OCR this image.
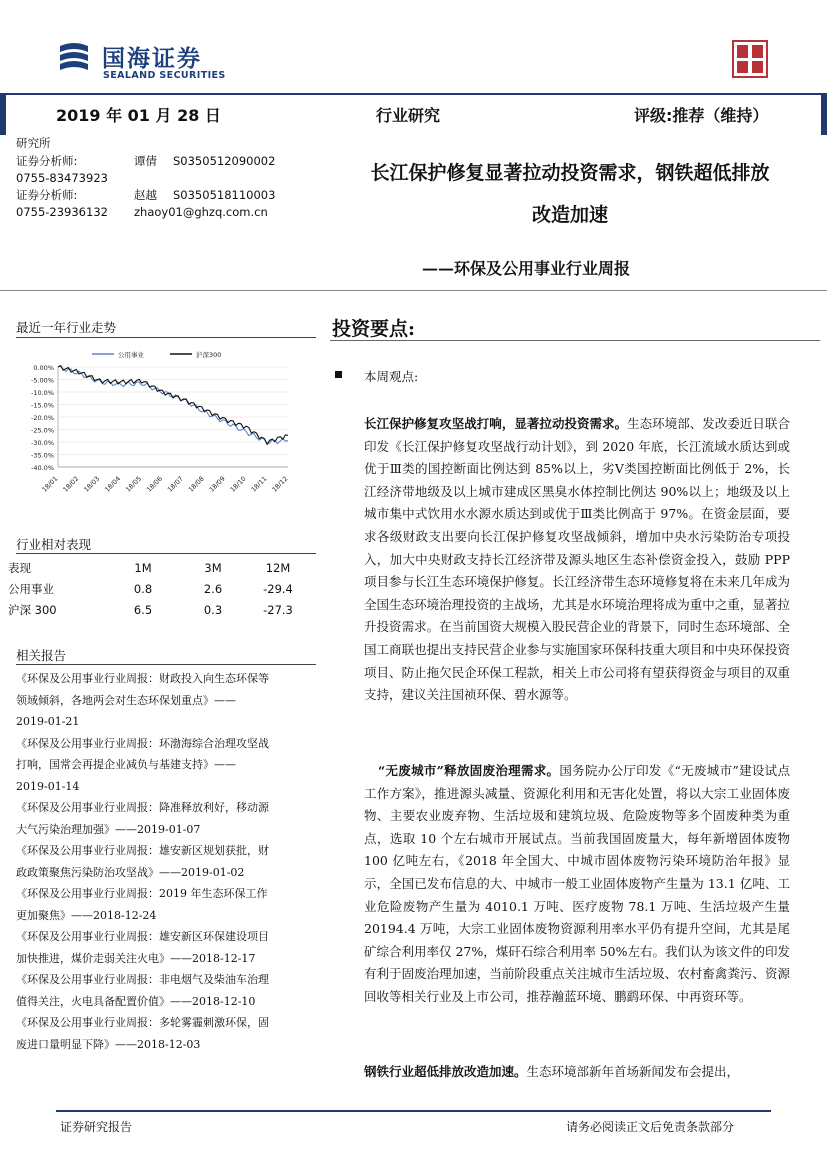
国海证券
SEALAND SECURITIES
2019 年 01 月 28 日	行业研究	评级:推荐（维持）
研究所
证券分析师:	谭倩 S0350512090002
0755-83473923
证券分析师:	赵越 S0350518110003
0755-23936132 zhaoy01@ghzq.com.cn
长江保护修复显著拉动投资需求，钢铁超低排放
改造加速
——环保及公用事业行业周报
最近一年行业走势
0.00%
-5.00%
-10.0%
-15.0%
-20.0%
-25.0%
-30.0%
-35.0%
-40.0%
18/01 18/02 18/03 18/04 18/05 18/06 18/07 18/08 18/09 18/10 18/11 18/12
公用事业	沪深300
行业相对表现
表现	1M	3M	12M
公用事业	0.8	2.6	-29.4
沪深 300	6.5	0.3	-27.3
相关报告
《环保及公用事业行业周报：财政投入向生态环保等
领域倾斜，各地两会对生态环保划重点》——
2019-01-21
《环保及公用事业行业周报：环渤海综合治理攻坚战
打响，国常会再提企业减负与基建支持》——
2019-01-14
《环保及公用事业行业周报：降准释放利好，移动源
大气污染治理加强》——2019-01-07
《环保及公用事业行业周报：雄安新区规划获批，财
政政策聚焦污染防治攻坚战》——2019-01-02
《环保及公用事业行业周报：2019 年生态环保工作
更加聚焦》——2018-12-24
《环保及公用事业行业周报：雄安新区环保建设项目
加快推进，煤价走弱关注火电》——2018-12-17
《环保及公用事业行业周报：非电烟气及柴油车治理
值得关注，火电具备配置价值》——2018-12-10
《环保及公用事业行业周报：多轮雾霾刺激环保，固
废进口量明显下降》——2018-12-03
投资要点:
本周观点:
长江保护修复攻坚战打响，显著拉动投资需求。生态环境部、发改委近日联合印发《长江保护修复攻坚战行动计划》，到 2020 年底，长江流域水质达到或优于Ⅲ类的国控断面比例达到 85%以上，劣Ⅴ类国控断面比例低于 2%，长江经济带地级及以上城市建成区黑臭水体控制比例达 90%以上；地级及以上城市集中式饮用水水源水质达到或优于Ⅲ类比例高于 97%。在资金层面，要求各级财政支出要向长江保护修复攻坚战倾斜，增加中央水污染防治专项投入，加大中央财政支持长江经济带及源头地区生态补偿资金投入，鼓励 PPP 项目参与长江生态环境保护修复。长江经济带生态环境修复将在未来几年成为全国生态环境治理投资的主战场，尤其是水环境治理将成为重中之重，显著拉升投资需求。在当前国资大规模入股民营企业的背景下，同时生态环境部、全国工商联也提出支持民营企业参与实施国家环保科技重大项目和中央环保投资项目、防止拖欠民企环保工程款，相关上市公司将有望获得资金与项目的双重支持，建议关注国祯环保、碧水源等。
“无废城市”释放固废治理需求。国务院办公厅印发《“无废城市”建设试点工作方案》，推进源头减量、资源化利用和无害化处置，将以大宗工业固体废物、主要农业废弃物、生活垃圾和建筑垃圾、危险废物等多个固废种类为重点，选取 10 个左右城市开展试点。当前我国固废量大，每年新增固体废物 100 亿吨左右，《2018 年全国大、中城市固体废物污染环境防治年报》显示，全国已发布信息的大、中城市一般工业固体废物产生量为 13.1 亿吨、工业危险废物产生量为 4010.1 万吨、医疗废物 78.1 万吨、生活垃圾产生量 20194.4 万吨，大宗工业固体废物资源利用率水平仍有提升空间，尤其是尾矿综合利用率仅 27%，煤矸石综合利用率 50%左右。我们认为该文件的印发有利于固废治理加速，当前阶段重点关注城市生活垃圾、农村畜禽粪污、资源回收等相关行业及上市公司，推荐瀚蓝环境、鹏鹞环保、中再资环等。
钢铁行业超低排放改造加速。生态环境部新年首场新闻发布会提出，
证券研究报告	请务必阅读正文后免责条款部分
